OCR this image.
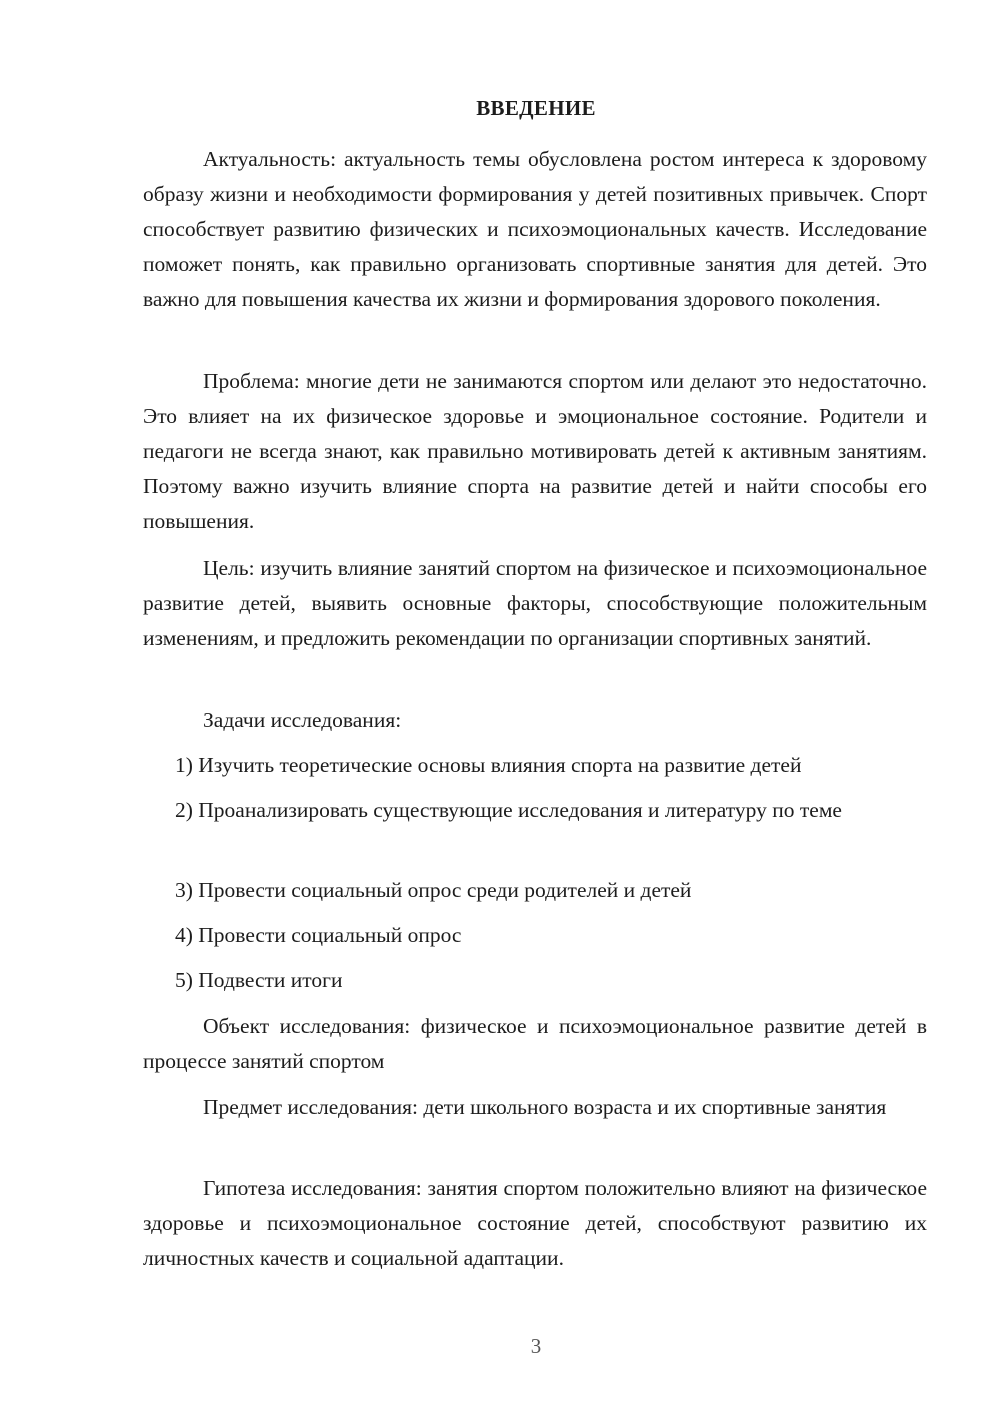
ВВЕДЕНИЕ

Актуальность: актуальность темы обусловлена ростом интереса к здоровому образу жизни и необходимости формирования у детей позитивных привычек. Спорт способствует развитию физических и психоэмоциональных качеств. Исследование поможет понять, как правильно организовать спортивные занятия для детей. Это важно для повышения качества их жизни и формирования здорового поколения.

Проблема: многие дети не занимаются спортом или делают это недостаточно. Это влияет на их физическое здоровье и эмоциональное состояние. Родители и педагоги не всегда знают, как правильно мотивировать детей к активным занятиям. Поэтому важно изучить влияние спорта на развитие детей и найти способы его повышения.

Цель: изучить влияние занятий спортом на физическое и психоэмоциональное развитие детей, выявить основные факторы, способствующие положительным изменениям, и предложить рекомендации по организации спортивных занятий.

Задачи исследования:

1) Изучить теоретические основы влияния спорта на развитие детей

2) Проанализировать существующие исследования и литературу по теме

3) Провести социальный опрос среди родителей и детей

4) Провести социальный опрос

5) Подвести итоги

Объект исследования: физическое и психоэмоциональное развитие детей в процессе занятий спортом

Предмет исследования: дети школьного возраста и их спортивные занятия

Гипотеза исследования: занятия спортом положительно влияют на физическое здоровье и психоэмоциональное состояние детей, способствуют развитию их личностных качеств и социальной адаптации.

3
